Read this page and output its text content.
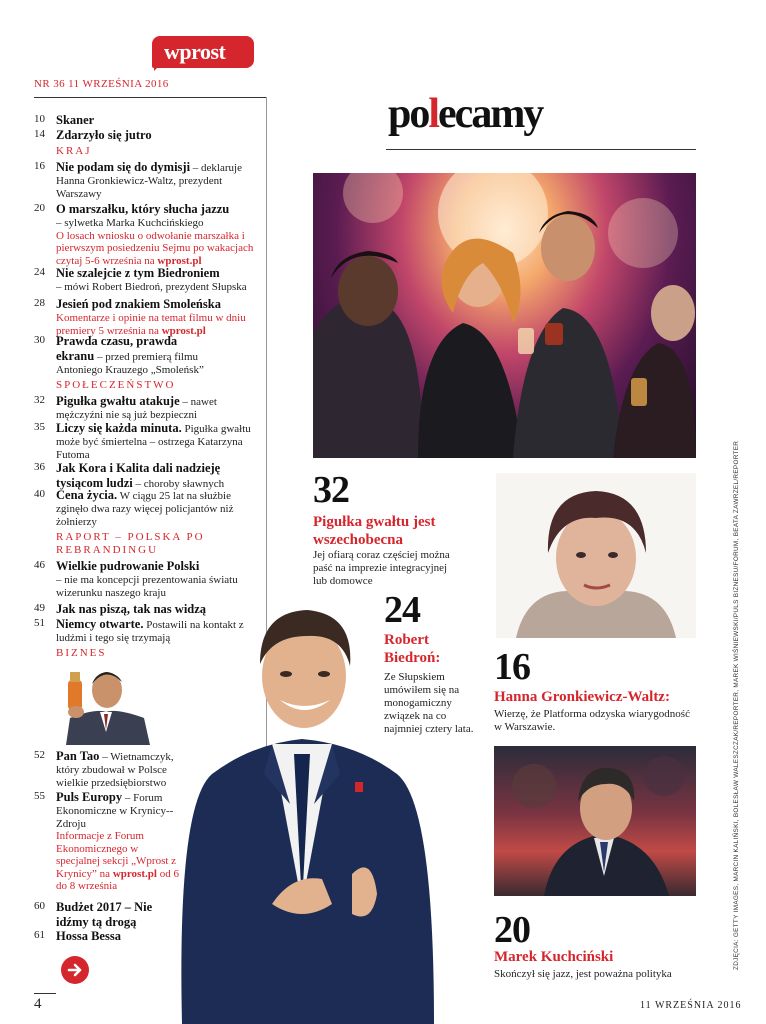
wprost
NR 36 11 WRZEŚNIA 2016
10 Skaner
14 Zdarzyło się jutro
KRAJ
16 Nie podam się do dymisji – deklaruje Hanna Gronkiewicz-Waltz, prezydent Warszawy
20 O marszałku, który słucha jazzu
– sylwetka Marka Kuchcińskiego
O losach wniosku o odwołanie marszałka i pierwszym posiedzeniu Sejmu po wakacjach czytaj 5-6 września na wprost.pl
24 Nie szalejcie z tym Biedroniem
– mówi Robert Biedroń, prezydent Słupska
28 Jesień pod znakiem Smoleńska
Komentarze i opinie na temat filmu w dniu premiery 5 września na wprost.pl
30 Prawda czasu, prawda ekranu – przed premierą filmu Antoniego Krauzego „Smoleńsk”
SPOŁECZEŃSTWO
32 Pigułka gwałtu atakuje – nawet mężczyźni nie są już bezpieczni
35 Liczy się każda minuta. Pigułka gwałtu może być śmiertelna – ostrzega Katarzyna Futoma
36 Jak Kora i Kalita dali nadzieję tysiącom ludzi – choroby sławnych
40 Cena życia. W ciągu 25 lat na służbie zginęło dwa razy więcej policjantów niż żołnierzy
RAPORT – POLSKA PO REBRANDINGU
46 Wielkie pudrowanie Polski
– nie ma koncepcji prezentowania światu wizerunku naszego kraju
49 Jak nas piszą, tak nas widzą
51 Niemcy otwarte. Postawili na kontakt z ludźmi i tego się trzymają
BIZNES
52 Pan Tao – Wietnamczyk, który zbudował w Polsce wielkie przedsiębiorstwo
55 Puls Europy – Forum Ekonomiczne w Krynicy--Zdroju
Informacje z Forum Ekonomicznego w specjalnej sekcji „Wprost z Krynicy” na wprost.pl od 6 do 8 września
60 Budżet 2017 – Nie idźmy tą drogą
61 Hossa Bessa
4
polecamy
32
Pigułka gwałtu jest wszechobecna
Jej ofiarą coraz częściej można paść na imprezie integracyjnej lub domowce
24
Robert Biedroń:
Ze Słupskiem umówiłem się na monogamiczny związek na co najmniej cztery lata.
16
Hanna Gronkiewicz-Waltz:
Wierzę, że Platforma odzyska wiarygodność w Warszawie.
20
Marek Kuchciński
Skończył się jazz, jest poważna polityka
ZDJĘCIA: GETTY IMAGES, MARCIN KALIŃSKI, BOLESŁAW WALESZCZAK/REPORTER, MAREK WIŚNIEWSKI/PULS BIZNESU/FORUM, BEATA ZAWRZEL/REPORTER
11 WRZEŚNIA 2016
